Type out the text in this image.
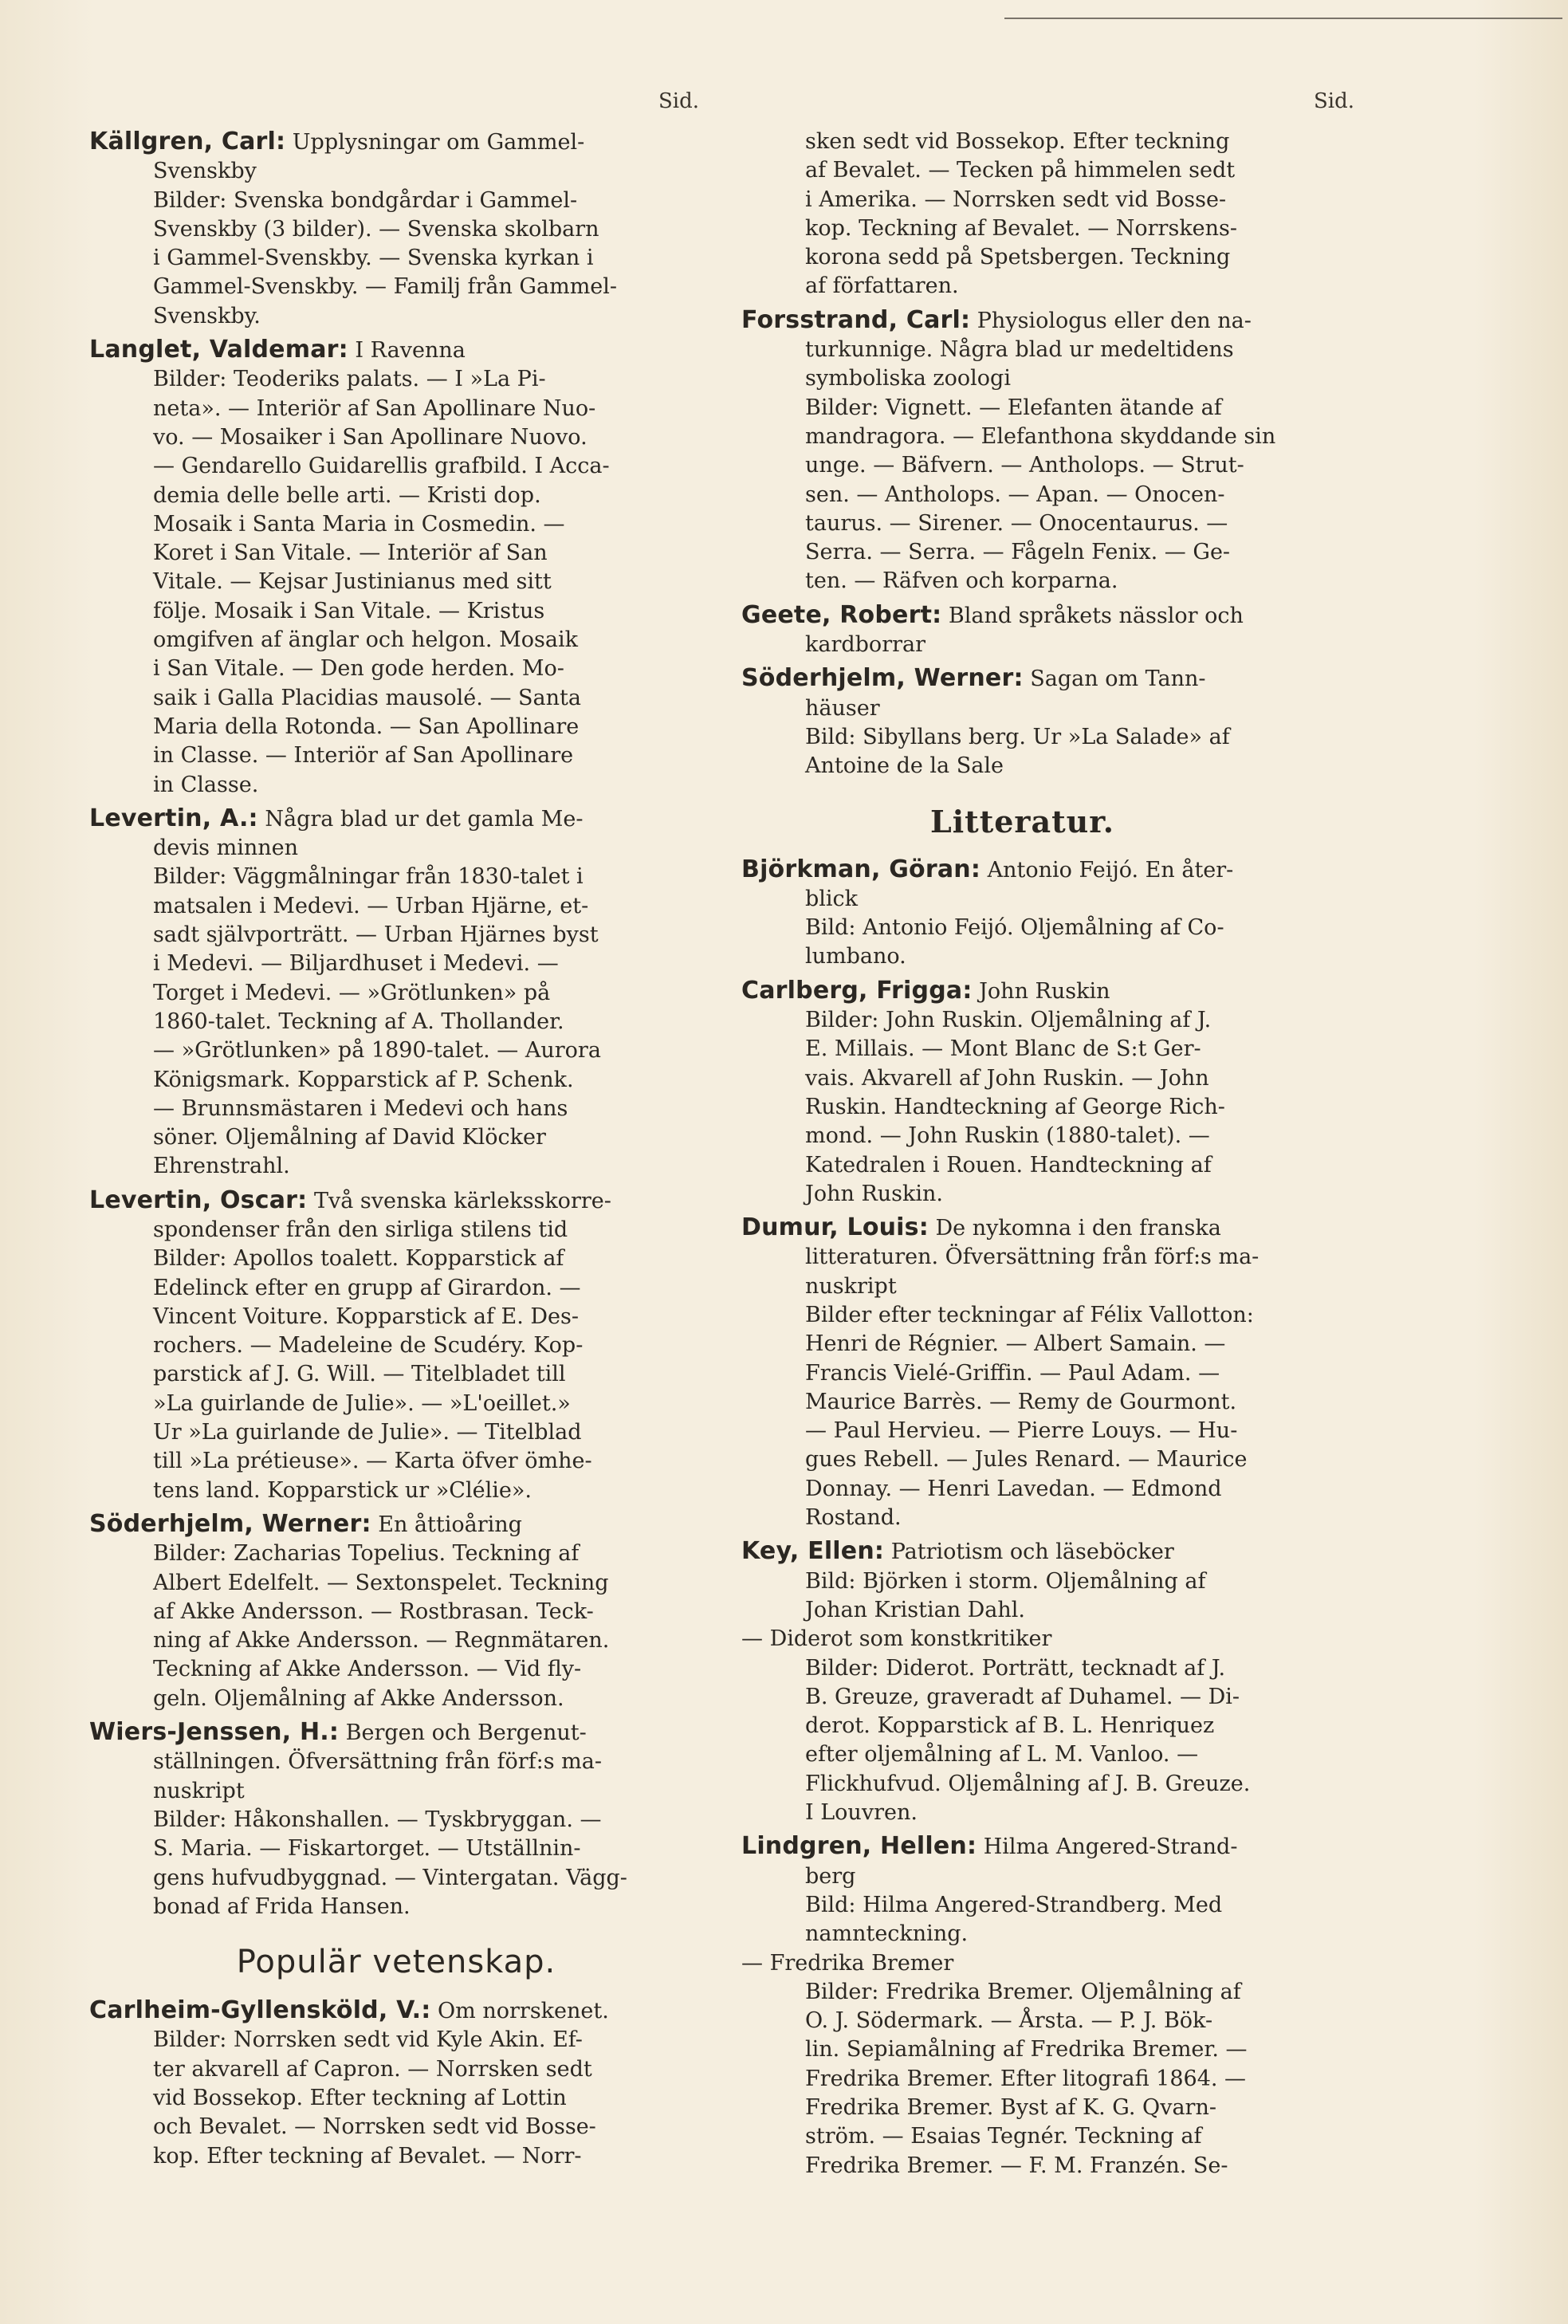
Sid.	Sid.
Källgren, Carl: Upplysningar om Gammel-
Svenskby
Bilder: Svenska bondgårdar i Gammel-
Svenskby (3 bilder). — Svenska skolbarn
i Gammel-Svenskby. — Svenska kyrkan i
Gammel-Svenskby. — Familj från Gammel-
Svenskby.
Langlet, Valdemar: I Ravenna
Bilder: Teoderiks palats. — I »La Pi-
neta». — Interiör af San Apollinare Nuo-
vo. — Mosaiker i San Apollinare Nuovo.
— Gendarello Guidarellis grafbild. I Acca-
demia delle belle arti. — Kristi dop.
Mosaik i Santa Maria in Cosmedin. —
Koret i San Vitale. — Interiör af San
Vitale. — Kejsar Justinianus med sitt
följe. Mosaik i San Vitale. — Kristus
omgifven af änglar och helgon. Mosaik
i San Vitale. — Den gode herden. Mo-
saik i Galla Placidias mausolé. — Santa
Maria della Rotonda. — San Apollinare
in Classe. — Interiör af San Apollinare
in Classe.
Levertin, A.: Några blad ur det gamla Me-
devis minnen
Bilder: Väggmålningar från 1830-talet i
matsalen i Medevi. — Urban Hjärne, et-
sadt självporträtt. — Urban Hjärnes byst
i Medevi. — Biljardhuset i Medevi. —
Torget i Medevi. — »Grötlunken» på
1860-talet. Teckning af A. Thollander.
— »Grötlunken» på 1890-talet. — Aurora
Königsmark. Kopparstick af P. Schenk.
— Brunnsmästaren i Medevi och hans
söner. Oljemålning af David Klöcker
Ehrenstrahl.
Levertin, Oscar: Två svenska kärleksskorre-
spondenser från den sirliga stilens tid
Bilder: Apollos toalett. Kopparstick af
Edelinck efter en grupp af Girardon. —
Vincent Voiture. Kopparstick af E. Des-
rochers. — Madeleine de Scudéry. Kop-
parstick af J. G. Will. — Titelbladet till
»La guirlande de Julie». — »L'oeillet.»
Ur »La guirlande de Julie». — Titelblad
till »La prétieuse». — Karta öfver ömhe-
tens land. Kopparstick ur »Clélie».
Söderhjelm, Werner: En åttioåring
Bilder: Zacharias Topelius. Teckning af
Albert Edelfelt. — Sextonspelet. Teckning
af Akke Andersson. — Rostbrasan. Teck-
ning af Akke Andersson. — Regnmätaren.
Teckning af Akke Andersson. — Vid fly-
geln. Oljemålning af Akke Andersson.
Wiers-Jenssen, H.: Bergen och Bergenut-
ställningen. Öfversättning från förf:s ma-
nuskript
Bilder: Håkonshallen. — Tyskbryggan. —
S. Maria. — Fiskartorget. — Utställnin-
gens hufvudbyggnad. — Vintergatan. Vägg-
bonad af Frida Hansen.
Populär vetenskap.
Carlheim-Gyllensköld, V.: Om norrskenet.
Bilder: Norrsken sedt vid Kyle Akin. Ef-
ter akvarell af Capron. — Norrsken sedt
vid Bossekop. Efter teckning af Lottin
och Bevalet. — Norrsken sedt vid Bosse-
kop. Efter teckning af Bevalet. — Norr-
sken sedt vid Bossekop. Efter teckning
af Bevalet. — Tecken på himmelen sedt
i Amerika. — Norrsken sedt vid Bosse-
kop. Teckning af Bevalet. — Norrskens-
korona sedd på Spetsbergen. Teckning
af författaren.
Forsstrand, Carl: Physiologus eller den na-
turkunnige. Några blad ur medeltidens
symboliska zoologi
Bilder: Vignett. — Elefanten ätande af
mandragora. — Elefanthona skyddande sin
unge. — Bäfvern. — Antholops. — Strut-
sen. — Antholops. — Apan. — Onocen-
taurus. — Sirener. — Onocentaurus. —
Serra. — Serra. — Fågeln Fenix. — Ge-
ten. — Räfven och korparna.
Geete, Robert: Bland språkets nässlor och
kardborrar
Söderhjelm, Werner: Sagan om Tann-
häuser
Bild: Sibyllans berg. Ur »La Salade» af
Antoine de la Sale
Litteratur.
Björkman, Göran: Antonio Feijó. En åter-
blick
Bild: Antonio Feijó. Oljemålning af Co-
lumbano.
Carlberg, Frigga: John Ruskin
Bilder: John Ruskin. Oljemålning af J.
E. Millais. — Mont Blanc de S:t Ger-
vais. Akvarell af John Ruskin. — John
Ruskin. Handteckning af George Rich-
mond. — John Ruskin (1880-talet). —
Katedralen i Rouen. Handteckning af
John Ruskin.
Dumur, Louis: De nykomna i den franska
litteraturen. Öfversättning från förf:s ma-
nuskript
Bilder efter teckningar af Félix Vallotton:
Henri de Régnier. — Albert Samain. —
Francis Vielé-Griffin. — Paul Adam. —
Maurice Barrès. — Remy de Gourmont.
— Paul Hervieu. — Pierre Louys. — Hu-
gues Rebell. — Jules Renard. — Maurice
Donnay. — Henri Lavedan. — Edmond
Rostand.
Key, Ellen: Patriotism och läseböcker
Bild: Björken i storm. Oljemålning af
Johan Kristian Dahl.
— Diderot som konstkritiker
Bilder: Diderot. Porträtt, tecknadt af J.
B. Greuze, graveradt af Duhamel. — Di-
derot. Kopparstick af B. L. Henriquez
efter oljemålning af L. M. Vanloo. —
Flickhufvud. Oljemålning af J. B. Greuze.
I Louvren.
Lindgren, Hellen: Hilma Angered-Strand-
berg
Bild: Hilma Angered-Strandberg. Med
namnteckning.
— Fredrika Bremer
Bilder: Fredrika Bremer. Oljemålning af
O. J. Södermark. — Årsta. — P. J. Bök-
lin. Sepiamålning af Fredrika Bremer. —
Fredrika Bremer. Efter litografi 1864. —
Fredrika Bremer. Byst af K. G. Qvarn-
ström. — Esaias Tegnér. Teckning af
Fredrika Bremer. — F. M. Franzén. Se-
